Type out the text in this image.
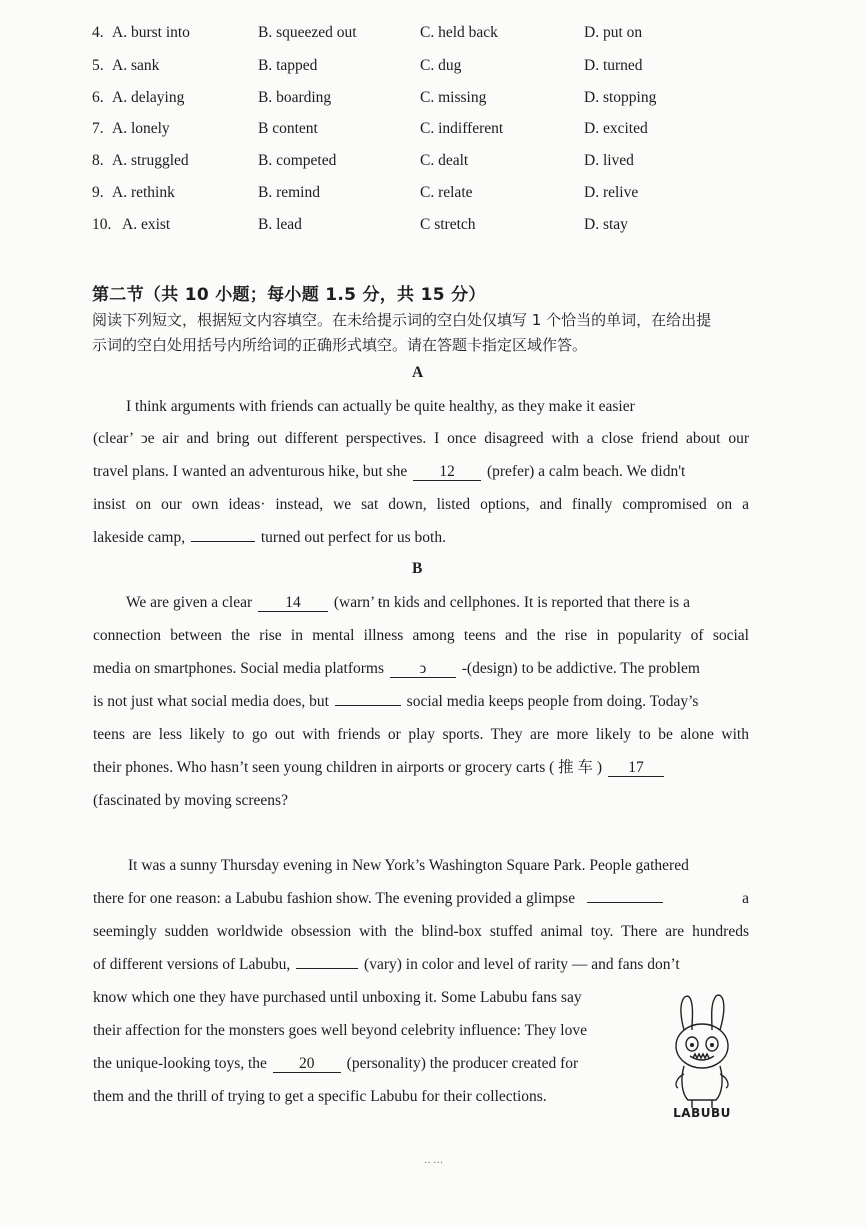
4. A. burst into	B. squeezed out	C. held back	D. put on
5. A. sank	B. tapped	C. dug	D. turned
6. A. delaying	B. boarding	C. missing	D. stopping
7. A. lonely	B content	C. indifferent	D. excited
8. A. struggled	B. competed	C. dealt	D. lived
9. A. rethink	B. remind	C. relate	D. relive
10. A. exist	B. lead	C stretch	D. stay
第二节（共 10 小题；每小题 1.5 分，共 15 分）
阅读下列短文，根据短文内容填空。在未给提示词的空白处仅填写 1 个恰当的单词，在给出提
示词的空白处用括号内所给词的正确形式填空。请在答题卡指定区域作答。
A
I think arguments with friends can actually be quite healthy, as they make it easier
(clear’ ↄe air and bring out different perspectives. I once disagreed with a close friend about our
travel plans. I wanted an adventurous hike, but she 12 (prefer) a calm beach. We didn't
insist on our own ideas· instead, we sat down, listed options, and finally compromised on a
lakeside camp,	turned out perfect for us both.
B
We are given a clear 14 (warn’ ŧn kids and cellphones. It is reported that there is a
connection between the rise in mental illness among teens and the rise in popularity of social
media on smartphones. Social media platforms ↄ -(design) to be addictive. The problem
is not just what social media does, but	social media keeps people from doing. Today’s
teens are less likely to go out with friends or play sports. They are more likely to be alone with
their phones. Who hasn’t seen young children in airports or grocery carts ( 推 车 ) 17
(fascinated by moving screens?
It was a sunny Thursday evening in New York’s Washington Square Park. People gathered
there for one reason: a Labubu fashion show. The evening provided a glimpse	a
seemingly sudden worldwide obsession with the blind-box stuffed animal toy. There are hundreds
of different versions of Labubu,	(vary) in color and level of rarity — and fans don’t
know which one they have purchased until unboxing it. Some Labubu fans say
their affection for the monsters goes well beyond celebrity influence: They love
the unique-looking toys, the 20 (personality) the producer created for
them and the thrill of trying to get a specific Labubu for their collections.
LABUBU
·· ···
